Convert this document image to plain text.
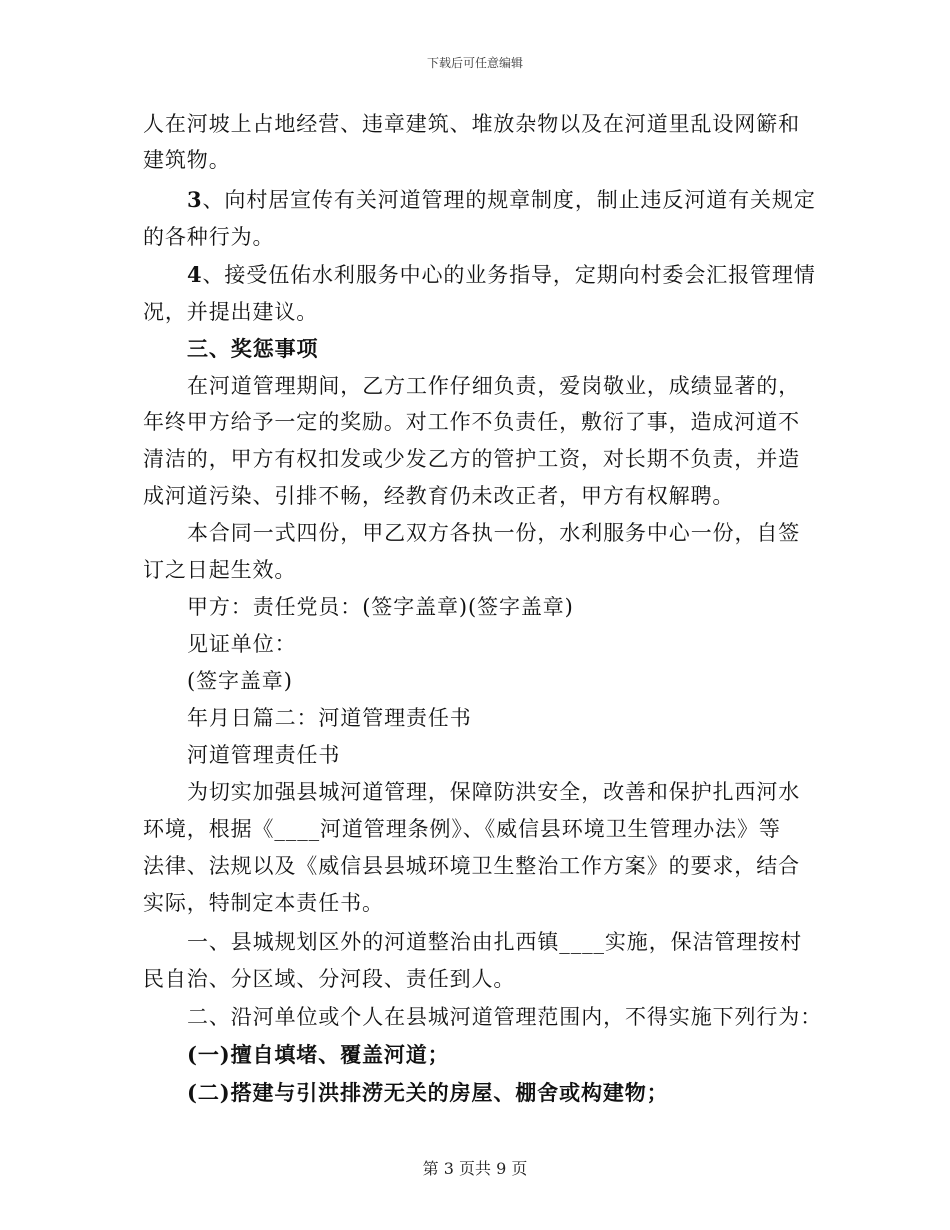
下载后可任意编辑
人在河坡上占地经营、违章建筑、堆放杂物以及在河道里乱设网簖和
建筑物。
3、向村居宣传有关河道管理的规章制度，制止违反河道有关规定
的各种行为。
4、接受伍佑水利服务中心的业务指导，定期向村委会汇报管理情
况，并提出建议。
三、奖惩事项
在河道管理期间，乙方工作仔细负责，爱岗敬业，成绩显著的，
年终甲方给予一定的奖励。对工作不负责任，敷衍了事，造成河道不
清洁的，甲方有权扣发或少发乙方的管护工资，对长期不负责，并造
成河道污染、引排不畅，经教育仍未改正者，甲方有权解聘。
本合同一式四份，甲乙双方各执一份，水利服务中心一份，自签
订之日起生效。
甲方：责任党员：(签字盖章)(签字盖章)
见证单位：
(签字盖章)
年月日篇二：河道管理责任书
河道管理责任书
为切实加强县城河道管理，保障防洪安全，改善和保护扎西河水
环境，根据《____河道管理条例》、《威信县环境卫生管理办法》等
法律、法规以及《威信县县城环境卫生整治工作方案》的要求，结合
实际，特制定本责任书。
一、县城规划区外的河道整治由扎西镇____实施，保洁管理按村
民自治、分区域、分河段、责任到人。
二、沿河单位或个人在县城河道管理范围内，不得实施下列行为：
(一)擅自填堵、覆盖河道；
(二)搭建与引洪排涝无关的房屋、棚舍或构建物；
第 3 页共 9 页
